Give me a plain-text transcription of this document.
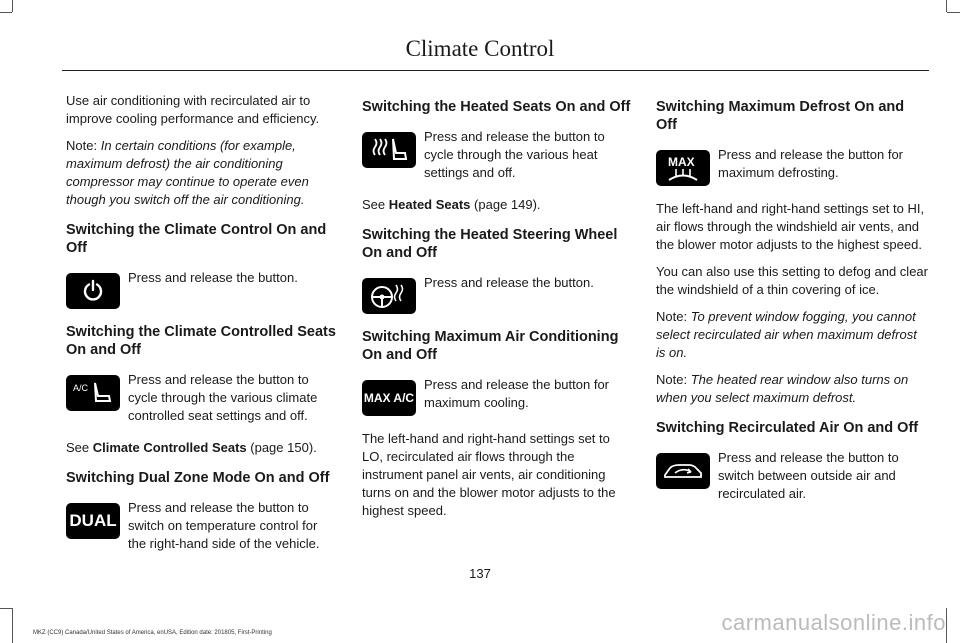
Climate Control

Use air conditioning with recirculated air to improve cooling performance and efficiency.

Note: In certain conditions (for example, maximum defrost) the air conditioning compressor may continue to operate even though you switch off the air conditioning.

Switching the Climate Control On and Off

Press and release the button.

Switching the Climate Controlled Seats On and Off
A/C

Press and release the button to cycle through the various climate controlled seat settings and off.

See Climate Controlled Seats (page 150).

Switching Dual Zone Mode On and Off
DUAL

Press and release the button to switch on temperature control for the right-hand side of the vehicle.

Switching the Heated Seats On and Off

Press and release the button to cycle through the various heat settings and off.

See Heated Seats (page 149).

Switching the Heated Steering Wheel On and Off

Press and release the button.

Switching Maximum Air Conditioning On and Off
MAX A/C

Press and release the button for maximum cooling.

The left-hand and right-hand settings set to LO, recirculated air flows through the instrument panel air vents, air conditioning turns on and the blower motor adjusts to the highest speed.

Switching Maximum Defrost On and Off
MAX Press and release the button for maximum defrosting.

The left-hand and right-hand settings set to HI, air flows through the windshield air vents, and the blower motor adjusts to the highest speed.

You can also use this setting to defog and clear the windshield of a thin covering of ice.

Note: To prevent window fogging, you cannot select recirculated air when maximum defrost is on.

Note: The heated rear window also turns on when you select maximum defrost.

Switching Recirculated Air On and Off

Press and release the button to switch between outside air and recirculated air.

137
MKZ (CC9) Canada/United States of America, enUSA, Edition date: 201805, First-Printing	carmanualsonline.info
